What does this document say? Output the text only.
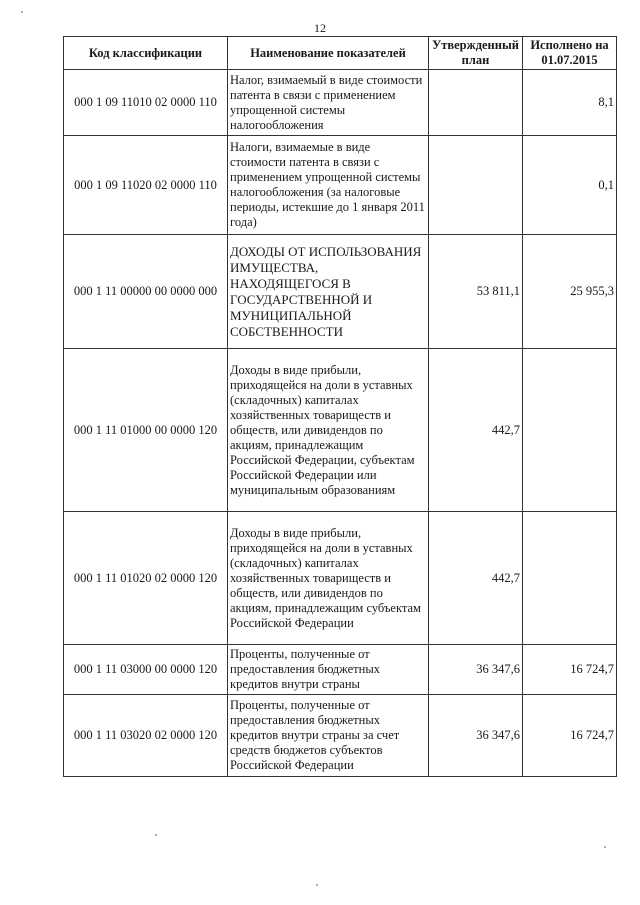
12
Код классификации	Наименование показателей	Утвержденный план	Исполнено на 01.07.2015
000 1 09 11010 02 0000 110	Налог, взимаемый в виде стоимости патента в связи с применением упрощенной системы налогообложения		8,1
000 1 09 11020 02 0000 110	Налоги, взимаемые в виде стоимости патента в связи с применением упрощенной системы налогообложения (за налоговые периоды, истекшие до 1 января 2011 года)		0,1
000 1 11 00000 00 0000 000	ДОХОДЫ ОТ ИСПОЛЬЗОВАНИЯ ИМУЩЕСТВА, НАХОДЯЩЕГОСЯ В ГОСУДАРСТВЕННОЙ И МУНИЦИПАЛЬНОЙ СОБСТВЕННОСТИ	53 811,1	25 955,3
000 1 11 01000 00 0000 120	Доходы в виде прибыли, приходящейся на доли в уставных (складочных) капиталах хозяйственных товариществ и обществ, или дивидендов по акциям, принадлежащим Российской Федерации, субъектам Российской Федерации или муниципальным образованиям	442,7	
000 1 11 01020 02 0000 120	Доходы в виде прибыли, приходящейся на доли в уставных (складочных) капиталах хозяйственных товариществ и обществ, или дивидендов по акциям, принадлежащим субъектам Российской Федерации	442,7	
000 1 11 03000 00 0000 120	Проценты, полученные от предоставления бюджетных кредитов внутри страны	36 347,6	16 724,7
000 1 11 03020 02 0000 120	Проценты, полученные от предоставления бюджетных кредитов внутри страны за счет средств бюджетов субъектов Российской Федерации	36 347,6	16 724,7
